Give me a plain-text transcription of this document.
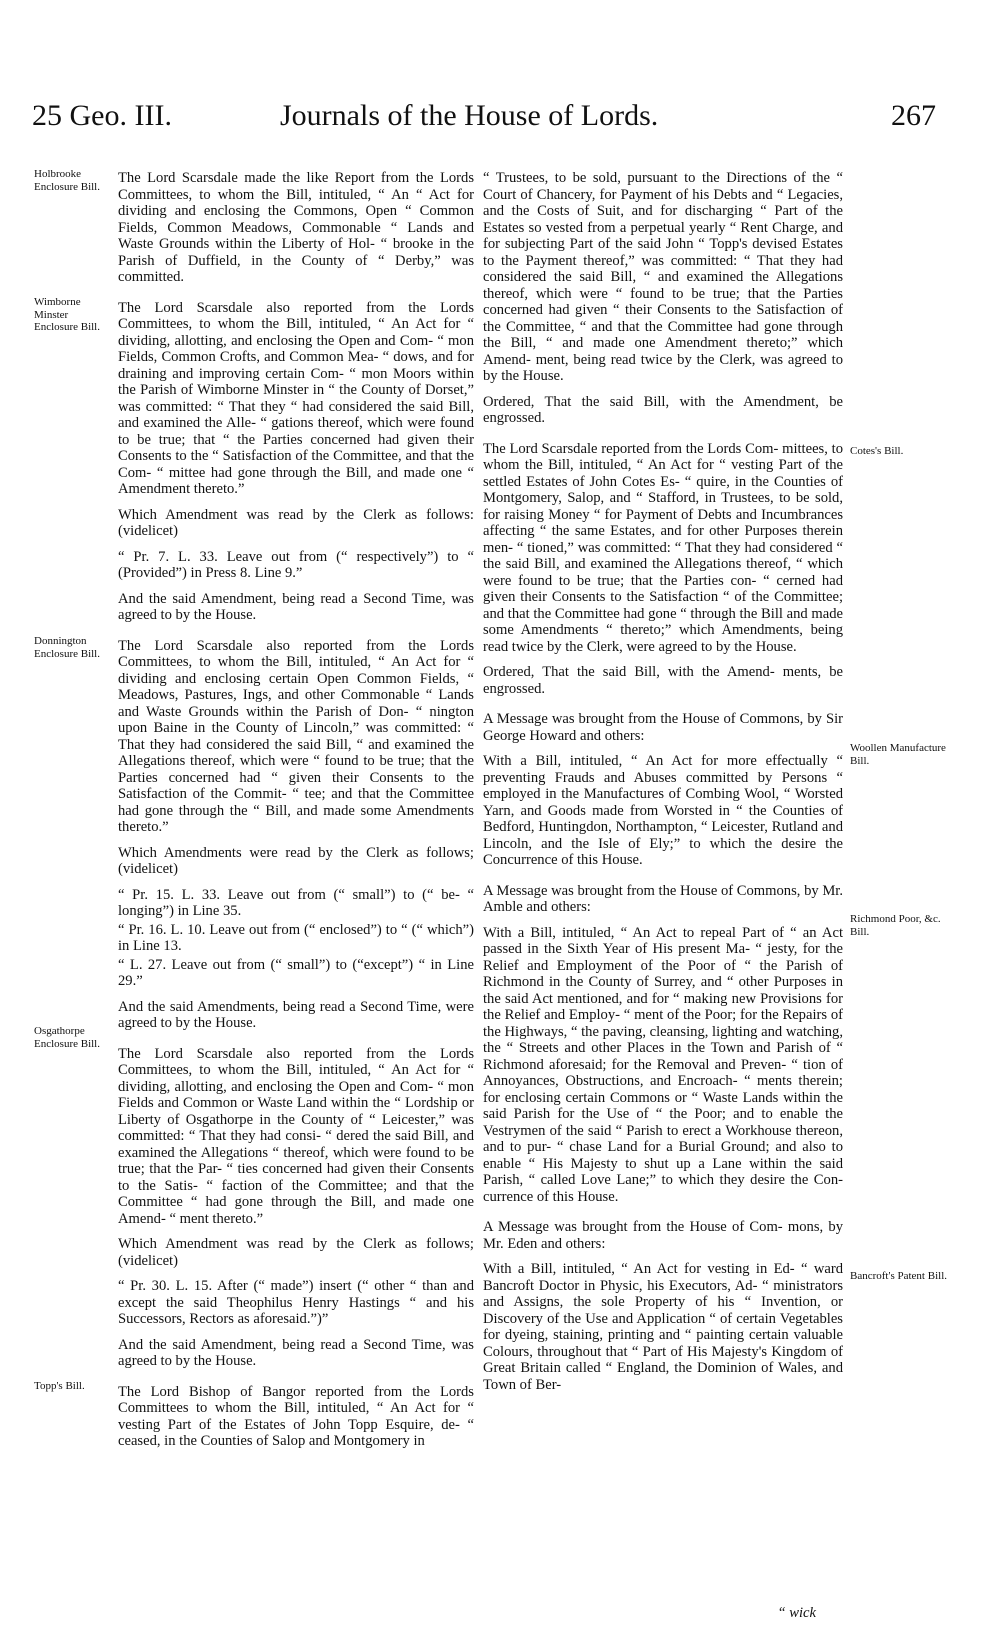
25 Geo. III.	Journals of the House of Lords.	267
Holbrooke Enclosure Bill.
Wimborne Minster Enclosure Bill.
Donnington Enclosure Bill.
Osgathorpe Enclosure Bill.
Topp's Bill.
Cotes's Bill.
Woollen Manufacture Bill.
Richmond Poor, &c. Bill.
Bancroft's Patent Bill.

The Lord Scarsdale made the like Report from the Lords Committees, to whom the Bill, intituled, “ An “ Act for dividing and enclosing the Commons, Open “ Common Fields, Common Meadows, Commonable “ Lands and Waste Grounds within the Liberty of Hol- “ brooke in the Parish of Duffield, in the County of “ Derby,” was committed.

The Lord Scarsdale also reported from the Lords Committees, to whom the Bill, intituled, “ An Act for “ dividing, allotting, and enclosing the Open and Com- “ mon Fields, Common Crofts, and Common Mea- “ dows, and for draining and improving certain Com- “ mon Moors within the Parish of Wimborne Minster in “ the County of Dorset,” was committed: “ That they “ had considered the said Bill, and examined the Alle- “ gations thereof, which were found to be true; that “ the Parties concerned had given their Consents to the “ Satisfaction of the Committee, and that the Com- “ mittee had gone through the Bill, and made one “ Amendment thereto.”

Which Amendment was read by the Clerk as follows: (videlicet)

“ Pr. 7. L. 33. Leave out from (“ respectively”) to “ (Provided”) in Press 8. Line 9.”

And the said Amendment, being read a Second Time, was agreed to by the House.

The Lord Scarsdale also reported from the Lords Committees, to whom the Bill, intituled, “ An Act for “ dividing and enclosing certain Open Common Fields, “ Meadows, Pastures, Ings, and other Commonable “ Lands and Waste Grounds within the Parish of Don- “ nington upon Baine in the County of Lincoln,” was committed: “ That they had considered the said Bill, “ and examined the Allegations thereof, which were “ found to be true; that the Parties concerned had “ given their Consents to the Satisfaction of the Commit- “ tee; and that the Committee had gone through the “ Bill, and made some Amendments thereto.”

Which Amendments were read by the Clerk as follows; (videlicet)

“ Pr. 15. L. 33. Leave out from (“ small”) to (“ be- “ longing”) in Line 35.

“ Pr. 16. L. 10. Leave out from (“ enclosed”) to “ (“ which”) in Line 13.

“ L. 27. Leave out from (“ small”) to (“except”) “ in Line 29.”

And the said Amendments, being read a Second Time, were agreed to by the House.

The Lord Scarsdale also reported from the Lords Committees, to whom the Bill, intituled, “ An Act for “ dividing, allotting, and enclosing the Open and Com- “ mon Fields and Common or Waste Land within the “ Lordship or Liberty of Osgathorpe in the County of “ Leicester,” was committed: “ That they had consi- “ dered the said Bill, and examined the Allegations “ thereof, which were found to be true; that the Par- “ ties concerned had given their Consents to the Satis- “ faction of the Committee; and that the Committee “ had gone through the Bill, and made one Amend- “ ment thereto.”

Which Amendment was read by the Clerk as follows; (videlicet)

“ Pr. 30. L. 15. After (“ made”) insert (“ other “ than and except the said Theophilus Henry Hastings “ and his Successors, Rectors as aforesaid.”)”

And the said Amendment, being read a Second Time, was agreed to by the House.

The Lord Bishop of Bangor reported from the Lords Committees to whom the Bill, intituled, “ An Act for “ vesting Part of the Estates of John Topp Esquire, de- “ ceased, in the Counties of Salop and Montgomery in

“ Trustees, to be sold, pursuant to the Directions of the “ Court of Chancery, for Payment of his Debts and “ Legacies, and the Costs of Suit, and for discharging “ Part of the Estates so vested from a perpetual yearly “ Rent Charge, and for subjecting Part of the said John “ Topp's devised Estates to the Payment thereof,” was committed: “ That they had considered the said Bill, “ and examined the Allegations thereof, which were “ found to be true; that the Parties concerned had given “ their Consents to the Satisfaction of the Committee, “ and that the Committee had gone through the Bill, “ and made one Amendment thereto;” which Amend- ment, being read twice by the Clerk, was agreed to by the House.

Ordered, That the said Bill, with the Amendment, be engrossed.

The Lord Scarsdale reported from the Lords Com- mittees, to whom the Bill, intituled, “ An Act for “ vesting Part of the settled Estates of John Cotes Es- “ quire, in the Counties of Montgomery, Salop, and “ Stafford, in Trustees, to be sold, for raising Money “ for Payment of Debts and Incumbrances affecting “ the same Estates, and for other Purposes therein men- “ tioned,” was committed: “ That they had considered “ the said Bill, and examined the Allegations thereof, “ which were found to be true; that the Parties con- “ cerned had given their Consents to the Satisfaction “ of the Committee; and that the Committee had gone “ through the Bill and made some Amendments “ thereto;” which Amendments, being read twice by the Clerk, were agreed to by the House.

Ordered, That the said Bill, with the Amend- ments, be engrossed.

A Message was brought from the House of Commons, by Sir George Howard and others:

With a Bill, intituled, “ An Act for more effectually “ preventing Frauds and Abuses committed by Persons “ employed in the Manufactures of Combing Wool, “ Worsted Yarn, and Goods made from Worsted in “ the Counties of Bedford, Huntingdon, Northampton, “ Leicester, Rutland and Lincoln, and the Isle of Ely;” to which the desire the Concurrence of this House.

A Message was brought from the House of Commons, by Mr. Amble and others:

With a Bill, intituled, “ An Act to repeal Part of “ an Act passed in the Sixth Year of His present Ma- “ jesty, for the Relief and Employment of the Poor of “ the Parish of Richmond in the County of Surrey, and “ other Purposes in the said Act mentioned, and for “ making new Provisions for the Relief and Employ- “ ment of the Poor; for the Repairs of the Highways, “ the paving, cleansing, lighting and watching, the “ Streets and other Places in the Town and Parish of “ Richmond aforesaid; for the Removal and Preven- “ tion of Annoyances, Obstructions, and Encroach- “ ments therein; for enclosing certain Commons or “ Waste Lands within the said Parish for the Use of “ the Poor; and to enable the Vestrymen of the said “ Parish to erect a Workhouse thereon, and to pur- “ chase Land for a Burial Ground; and also to enable “ His Majesty to shut up a Lane within the said Parish, “ called Love Lane;” to which they desire the Con- currence of this House.

A Message was brought from the House of Com- mons, by Mr. Eden and others:

With a Bill, intituled, “ An Act for vesting in Ed- “ ward Bancroft Doctor in Physic, his Executors, Ad- “ ministrators and Assigns, the sole Property of his “ Invention, or Discovery of the Use and Application “ of certain Vegetables for dyeing, staining, printing and “ painting certain valuable Colours, throughout that “ Part of His Majesty's Kingdom of Great Britain called “ England, the Dominion of Wales, and Town of Ber-

“ wick
